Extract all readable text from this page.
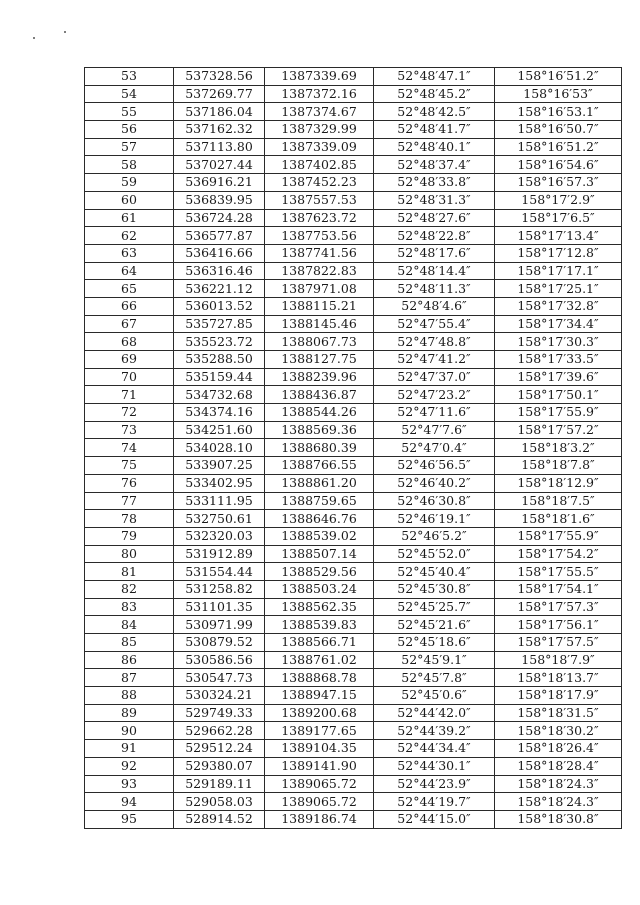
53	537328.56	1387339.69	52°48′47.1″	158°16′51.2″
54	537269.77	1387372.16	52°48′45.2″	158°16′53″
55	537186.04	1387374.67	52°48′42.5″	158°16′53.1″
56	537162.32	1387329.99	52°48′41.7″	158°16′50.7″
57	537113.80	1387339.09	52°48′40.1″	158°16′51.2″
58	537027.44	1387402.85	52°48′37.4″	158°16′54.6″
59	536916.21	1387452.23	52°48′33.8″	158°16′57.3″
60	536839.95	1387557.53	52°48′31.3″	158°17′2.9″
61	536724.28	1387623.72	52°48′27.6″	158°17′6.5″
62	536577.87	1387753.56	52°48′22.8″	158°17′13.4″
63	536416.66	1387741.56	52°48′17.6″	158°17′12.8″
64	536316.46	1387822.83	52°48′14.4″	158°17′17.1″
65	536221.12	1387971.08	52°48′11.3″	158°17′25.1″
66	536013.52	1388115.21	52°48′4.6″	158°17′32.8″
67	535727.85	1388145.46	52°47′55.4″	158°17′34.4″
68	535523.72	1388067.73	52°47′48.8″	158°17′30.3″
69	535288.50	1388127.75	52°47′41.2″	158°17′33.5″
70	535159.44	1388239.96	52°47′37.0″	158°17′39.6″
71	534732.68	1388436.87	52°47′23.2″	158°17′50.1″
72	534374.16	1388544.26	52°47′11.6″	158°17′55.9″
73	534251.60	1388569.36	52°47′7.6″	158°17′57.2″
74	534028.10	1388680.39	52°47′0.4″	158°18′3.2″
75	533907.25	1388766.55	52°46′56.5″	158°18′7.8″
76	533402.95	1388861.20	52°46′40.2″	158°18′12.9″
77	533111.95	1388759.65	52°46′30.8″	158°18′7.5″
78	532750.61	1388646.76	52°46′19.1″	158°18′1.6″
79	532320.03	1388539.02	52°46′5.2″	158°17′55.9″
80	531912.89	1388507.14	52°45′52.0″	158°17′54.2″
81	531554.44	1388529.56	52°45′40.4″	158°17′55.5″
82	531258.82	1388503.24	52°45′30.8″	158°17′54.1″
83	531101.35	1388562.35	52°45′25.7″	158°17′57.3″
84	530971.99	1388539.83	52°45′21.6″	158°17′56.1″
85	530879.52	1388566.71	52°45′18.6″	158°17′57.5″
86	530586.56	1388761.02	52°45′9.1″	158°18′7.9″
87	530547.73	1388868.78	52°45′7.8″	158°18′13.7″
88	530324.21	1388947.15	52°45′0.6″	158°18′17.9″
89	529749.33	1389200.68	52°44′42.0″	158°18′31.5″
90	529662.28	1389177.65	52°44′39.2″	158°18′30.2″
91	529512.24	1389104.35	52°44′34.4″	158°18′26.4″
92	529380.07	1389141.90	52°44′30.1″	158°18′28.4″
93	529189.11	1389065.72	52°44′23.9″	158°18′24.3″
94	529058.03	1389065.72	52°44′19.7″	158°18′24.3″
95	528914.52	1389186.74	52°44′15.0″	158°18′30.8″
